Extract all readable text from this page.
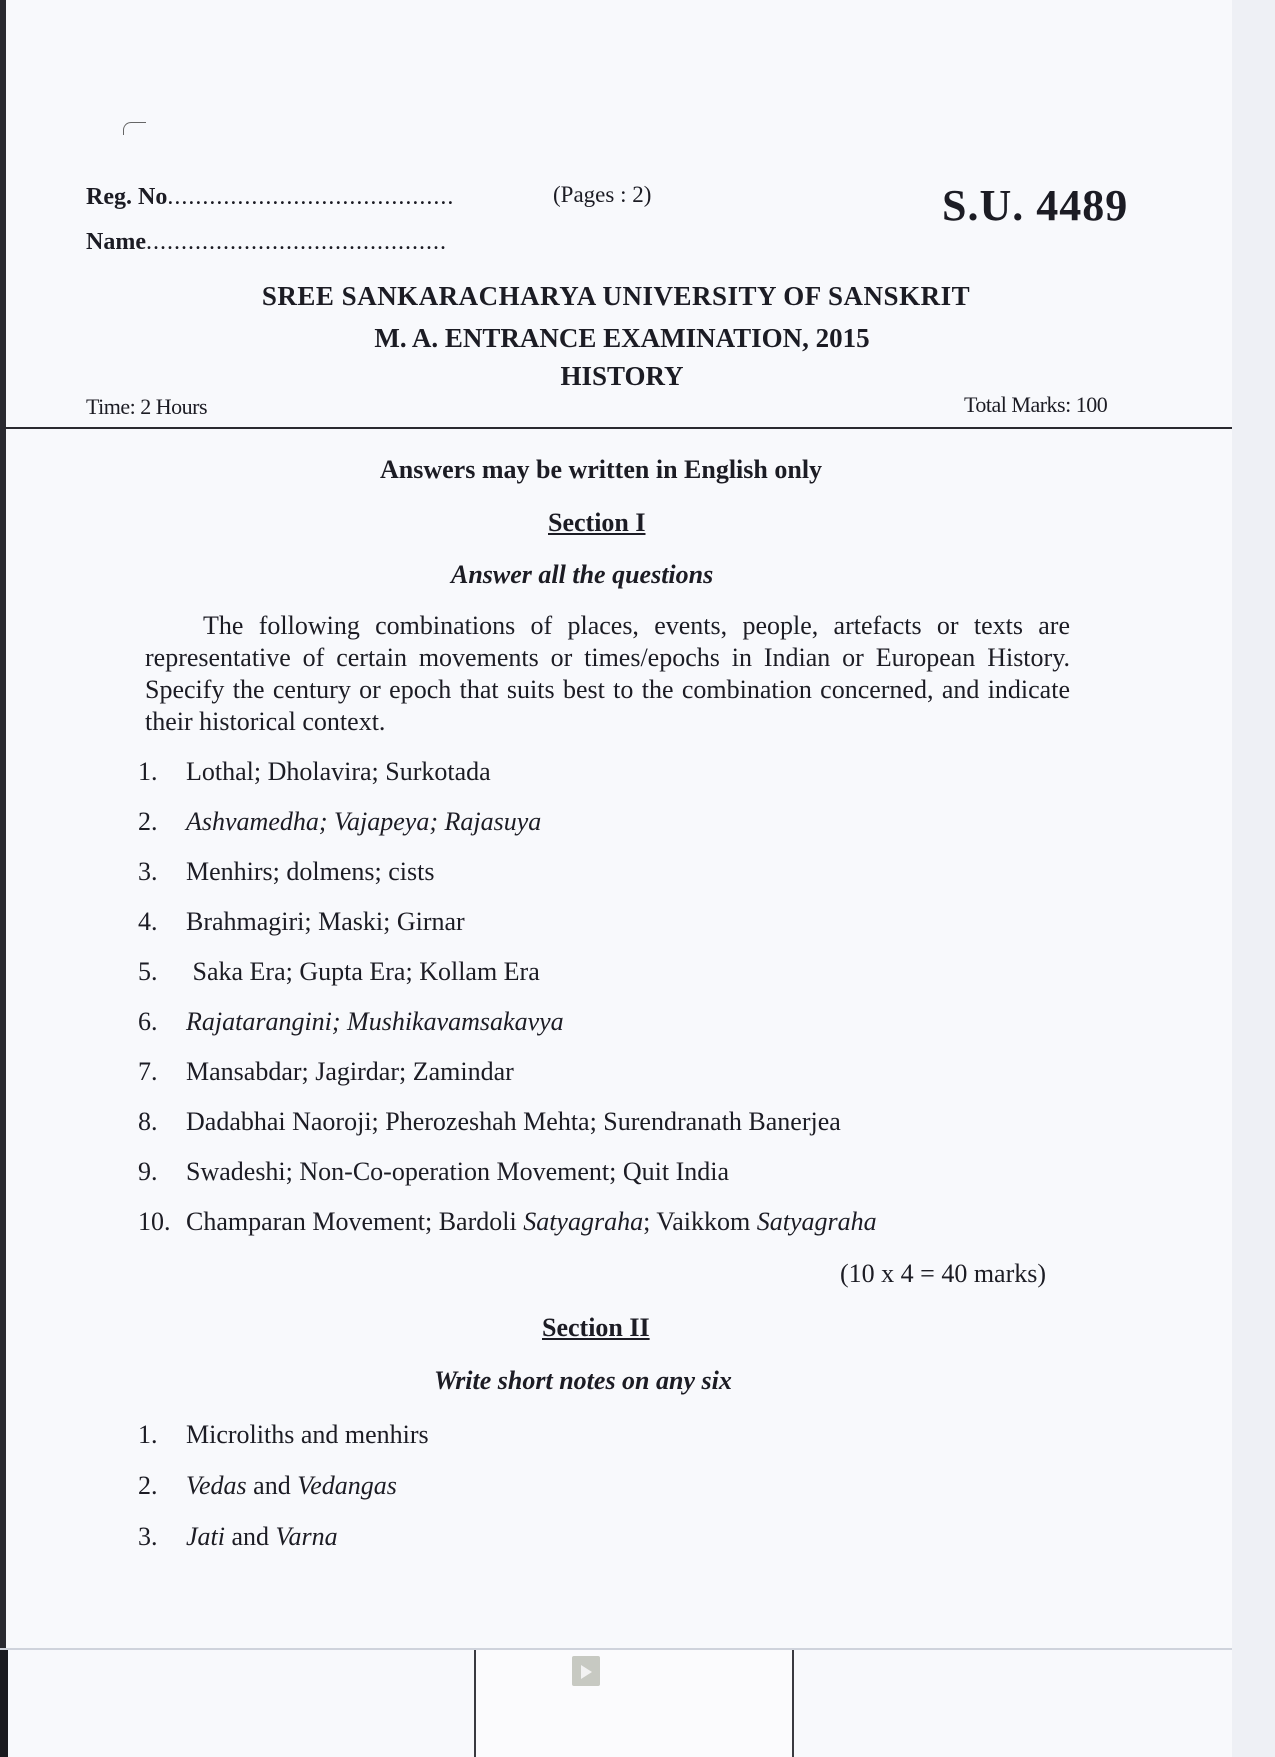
Reg. No.........................................
Name...........................................
(Pages : 2)	S.U. 4489
SREE SANKARACHARYA UNIVERSITY OF SANSKRIT
M. A. ENTRANCE EXAMINATION, 2015
HISTORY
Time: 2 Hours	Total Marks: 100
Answers may be written in English only
Section I
Answer all the questions

The following combinations of places, events, people, artefacts or texts are representative of certain movements or times/epochs in Indian or European History. Specify the century or epoch that suits best to the combination concerned, and indicate their historical context.

1. Lothal; Dholavira; Surkotada
2. Ashvamedha; Vajapeya; Rajasuya
3. Menhirs; dolmens; cists
4. Brahmagiri; Maski; Girnar
5. Saka Era; Gupta Era; Kollam Era
6. Rajatarangini; Mushikavamsakavya
7. Mansabdar; Jagirdar; Zamindar
8. Dadabhai Naoroji; Pherozeshah Mehta; Surendranath Banerjea
9. Swadeshi; Non-Co-operation Movement; Quit India
10. Champaran Movement; Bardoli Satyagraha; Vaikkom Satyagraha
(10 x 4 = 40 marks)
Section II
Write short notes on any six
1. Microliths and menhirs
2. Vedas and Vedangas
3. Jati and Varna
